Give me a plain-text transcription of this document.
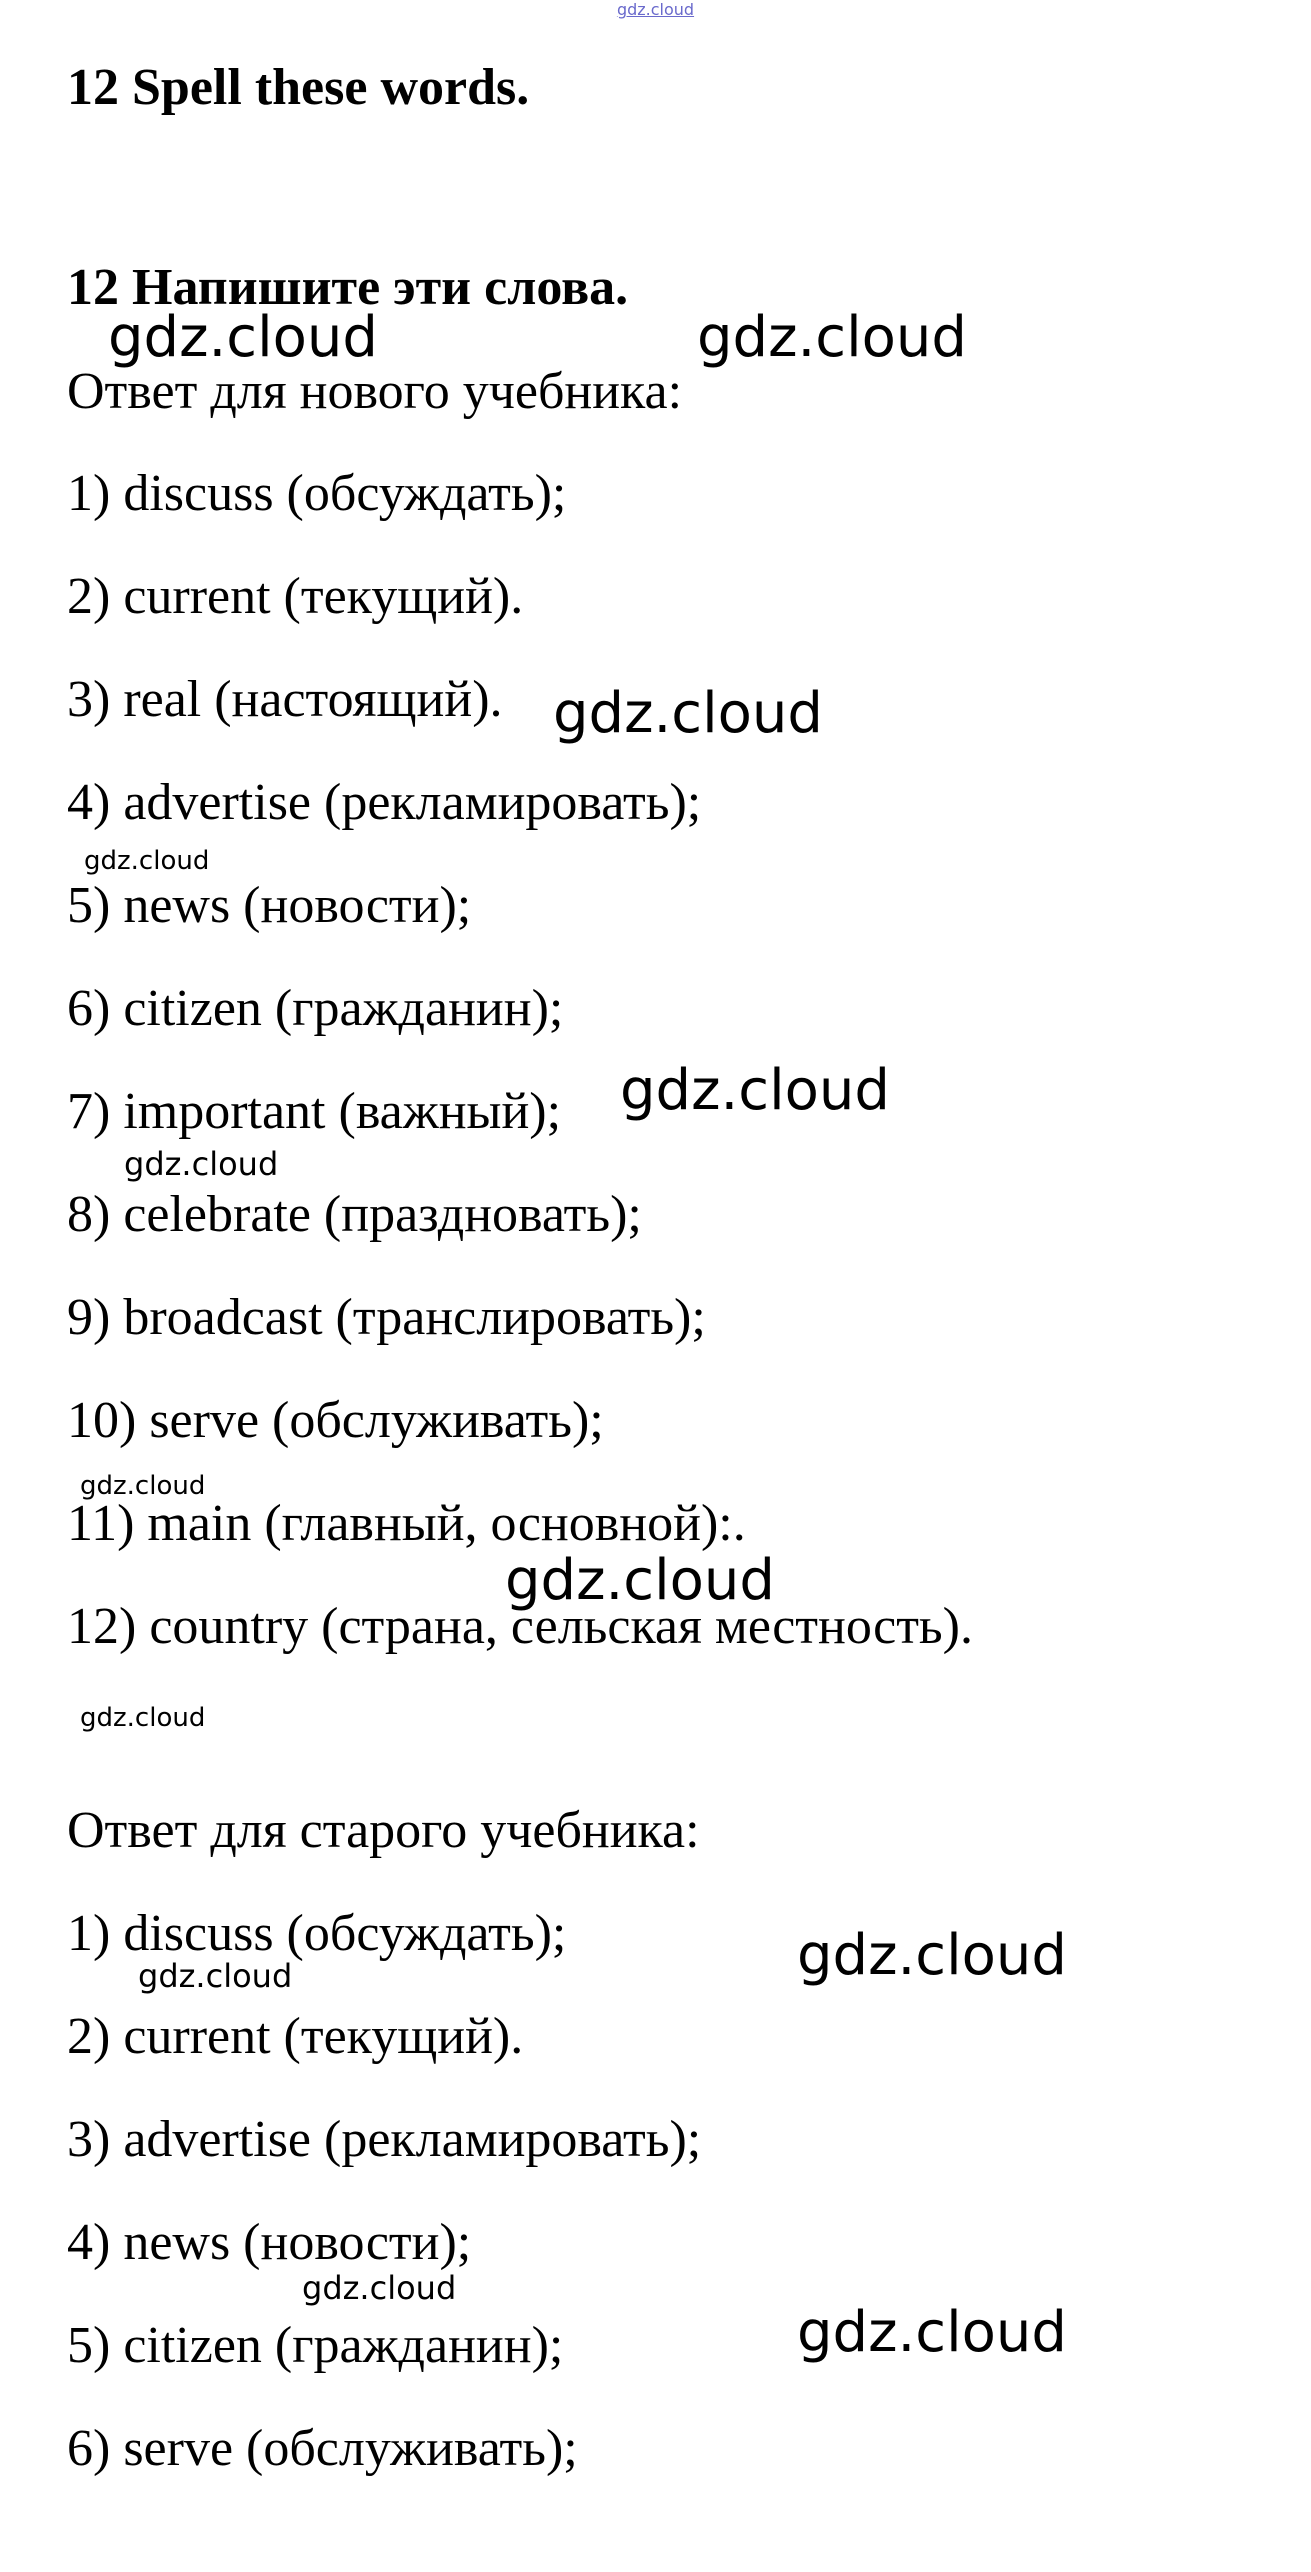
gdz.cloud
12 Spell these words.
12 Напишите эти слова.
Ответ для нового учебника:
1) discuss (обсуждать);
2) current (текущий).
3) real (настоящий).
4) advertise (рекламировать);
5) news (новости);
6) citizen (гражданин);
7) important (важный);
8) celebrate (праздновать);
9) broadcast (транслировать);
10) serve (обслуживать);
11) main (главный, основной):.
12) country (страна, сельская местность).
Ответ для старого учебника:
1) discuss (обсуждать);
2) current (текущий).
3) advertise (рекламировать);
4) news (новости);
5) citizen (гражданин);
6) serve (обслуживать);
gdz.cloud	gdz.cloud
gdz.cloud
gdz.cloud
gdz.cloud
gdz.cloud
gdz.cloud
gdz.cloud
gdz.cloud
gdz.cloud
gdz.cloud
gdz.cloud
gdz.cloud
